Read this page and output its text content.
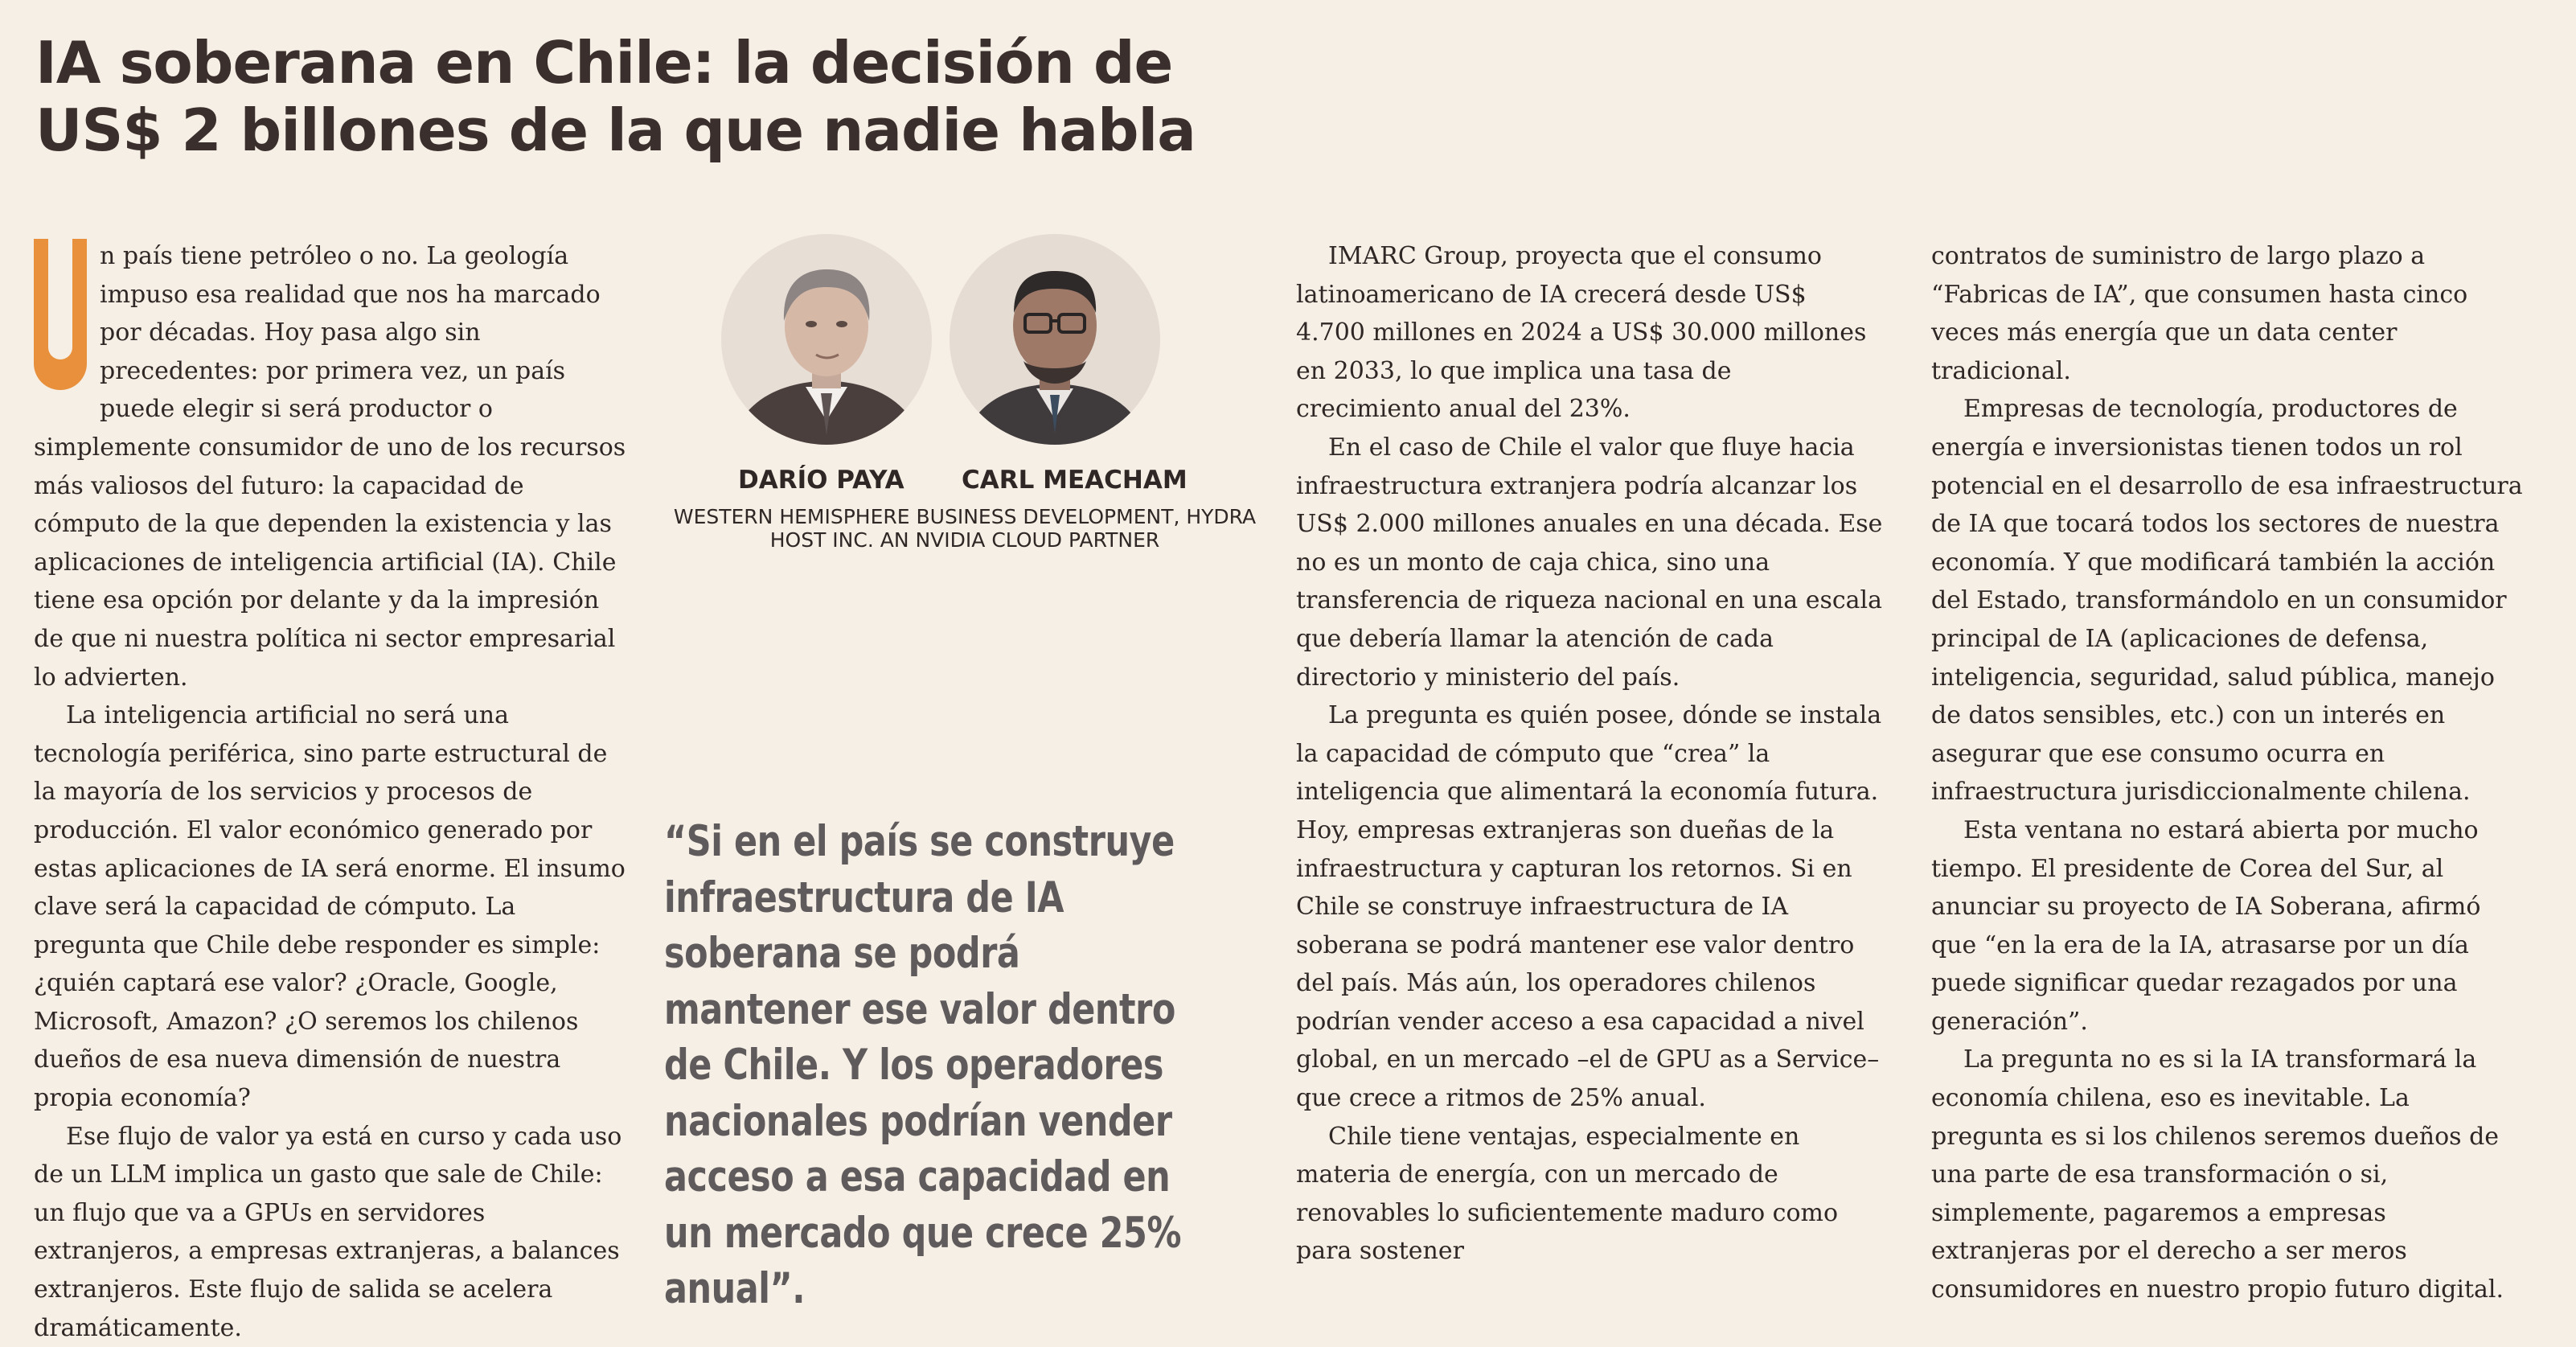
IA soberana en Chile: la decisión de US$ 2 billones de la que nadie habla

n país tiene petróleo o no. La geología impuso esa realidad que nos ha marcado por décadas. Hoy pasa algo sin precedentes: por primera vez, un país puede elegir si será productor o simplemente consumidor de uno de los recursos más valiosos del futuro: la capacidad de cómputo de la que dependen la existencia y las aplicaciones de inteligencia artificial (IA). Chile tiene esa opción por delante y da la impresión de que ni nuestra política ni sector empresarial lo advierten.

La inteligencia artificial no será una tecnología periférica, sino parte estructural de la mayoría de los servicios y procesos de producción. El valor económico generado por estas aplicaciones de IA será enorme. El insumo clave será la capacidad de cómputo. La pregunta que Chile debe responder es simple: ¿quién captará ese valor? ¿Oracle, Google, Microsoft, Amazon? ¿O seremos los chilenos dueños de esa nueva dimensión de nuestra propia economía?

Ese flujo de valor ya está en curso y cada uso de un LLM implica un gasto que sale de Chile: un flujo que va a GPUs en servidores extranjeros, a empresas extranjeras, a balances extranjeros. Este flujo de salida se acelera dramáticamente.

DARÍO PAYA CARL MEACHAM
WESTERN HEMISPHERE BUSINESS DEVELOPMENT, HYDRA HOST INC. AN NVIDIA CLOUD PARTNER
“Si en el país se construye infraestructura de IA soberana se podrá mantener ese valor dentro de Chile. Y los operadores nacionales podrían vender acceso a esa capacidad en un mercado que crece 25% anual”.

IMARC Group, proyecta que el consumo latinoamericano de IA crecerá desde US$ 4.700 millones en 2024 a US$ 30.000 millones en 2033, lo que implica una tasa de crecimiento anual del 23%.

En el caso de Chile el valor que fluye hacia infraestructura extranjera podría alcanzar los US$ 2.000 millones anuales en una década. Ese no es un monto de caja chica, sino una transferencia de riqueza nacional en una escala que debería llamar la atención de cada directorio y ministerio del país.

La pregunta es quién posee, dónde se instala la capacidad de cómputo que “crea” la inteligencia que alimentará la economía futura. Hoy, empresas extranjeras son dueñas de la infraestructura y capturan los retornos. Si en Chile se construye infraestructura de IA soberana se podrá mantener ese valor dentro del país. Más aún, los operadores chilenos podrían vender acceso a esa capacidad a nivel global, en un mercado –el de GPU as a Service– que crece a ritmos de 25% anual.

Chile tiene ventajas, especialmente en materia de energía, con un mercado de renovables lo suficientemente maduro como para sostener

contratos de suministro de largo plazo a “Fabricas de IA”, que consumen hasta cinco veces más energía que un data center tradicional.

Empresas de tecnología, productores de energía e inversionistas tienen todos un rol potencial en el desarrollo de esa infraestructura de IA que tocará todos los sectores de nuestra economía. Y que modificará también la acción del Estado, transformándolo en un consumidor principal de IA (aplicaciones de defensa, inteligencia, seguridad, salud pública, manejo de datos sensibles, etc.) con un interés en asegurar que ese consumo ocurra en infraestructura jurisdiccionalmente chilena.

Esta ventana no estará abierta por mucho tiempo. El presidente de Corea del Sur, al anunciar su proyecto de IA Soberana, afirmó que “en la era de la IA, atrasarse por un día puede significar quedar rezagados por una generación”.

La pregunta no es si la IA transformará la economía chilena, eso es inevitable. La pregunta es si los chilenos seremos dueños de una parte de esa transformación o si, simplemente, pagaremos a empresas extranjeras por el derecho a ser meros consumidores en nuestro propio futuro digital.
